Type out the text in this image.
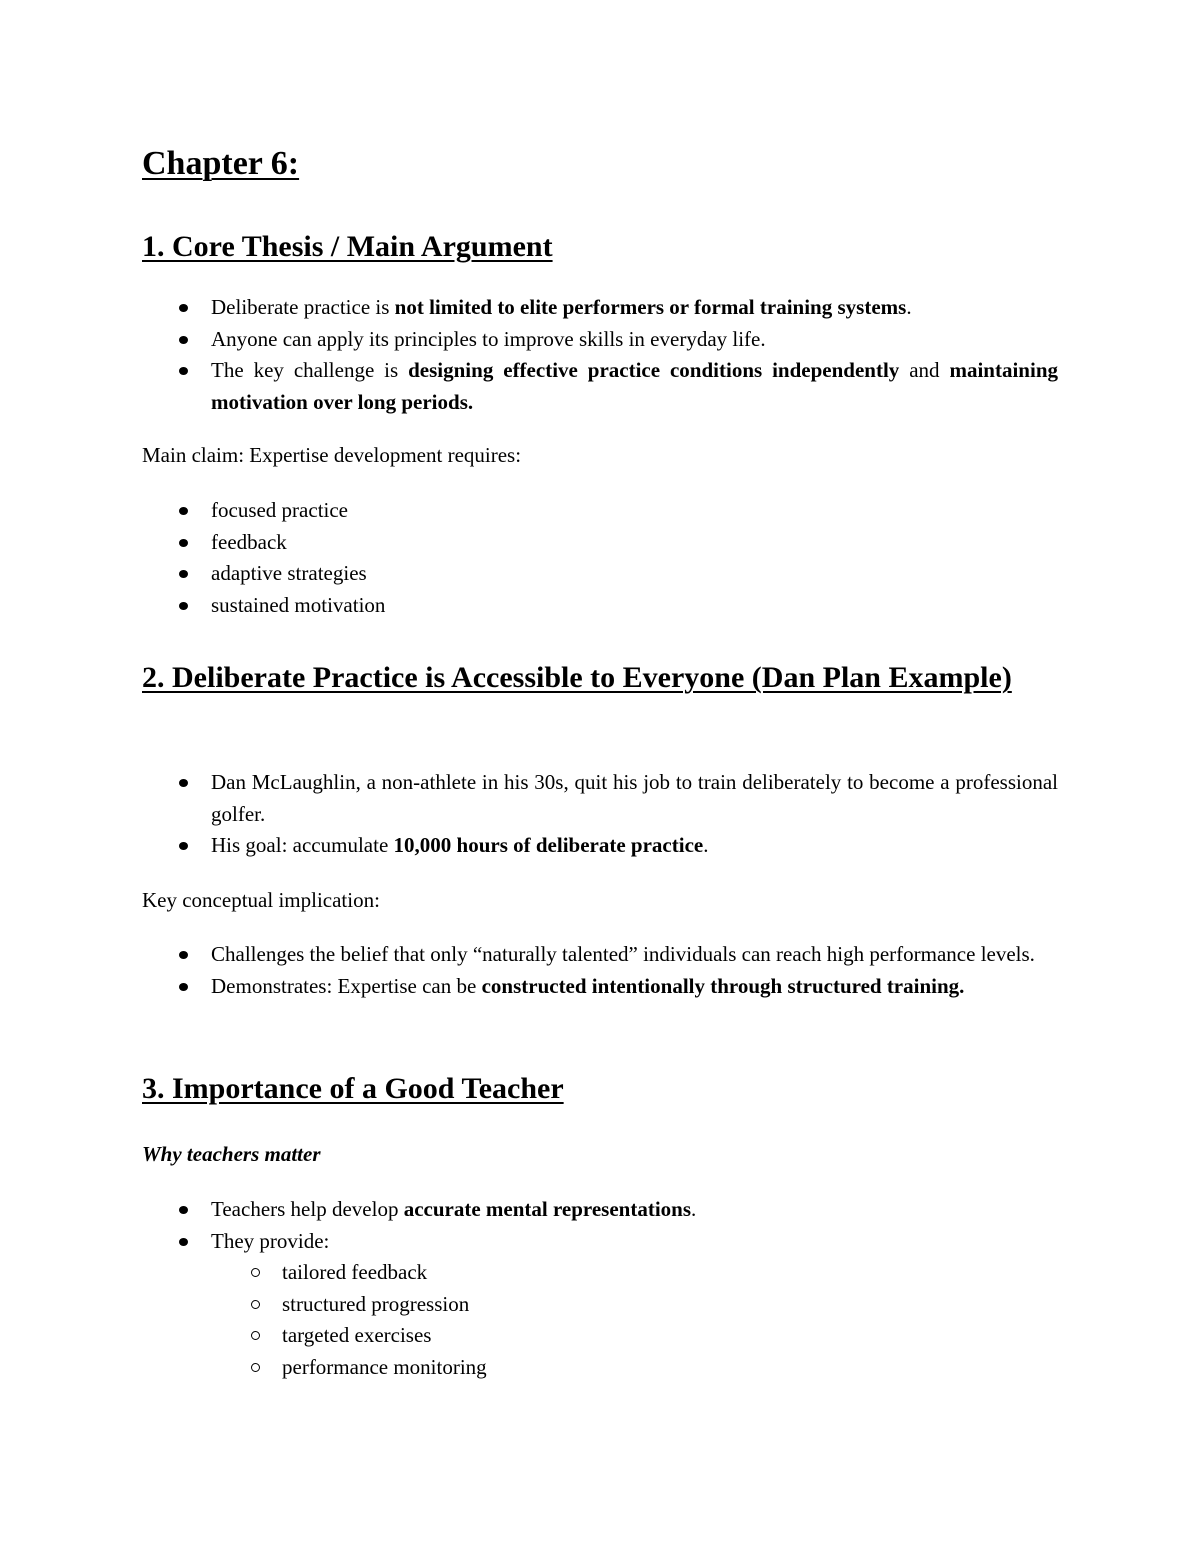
Chapter 6:
1. Core Thesis / Main Argument
Deliberate practice is not limited to elite performers or formal training systems.
Anyone can apply its principles to improve skills in everyday life.
The key challenge is designing effective practice conditions independently and maintaining motivation over long periods.

Main claim: Expertise development requires:

focused practice
feedback
adaptive strategies
sustained motivation
2. Deliberate Practice is Accessible to Everyone (Dan Plan Example)
Dan McLaughlin, a non-athlete in his 30s, quit his job to train deliberately to become a professional golfer.
His goal: accumulate 10,000 hours of deliberate practice.

Key conceptual implication:

Challenges the belief that only “naturally talented” individuals can reach high performance levels.
Demonstrates: Expertise can be constructed intentionally through structured training.
3. Importance of a Good Teacher

Why teachers matter

Teachers help develop accurate mental representations.
They provide:
tailored feedback
structured progression
targeted exercises
performance monitoring
